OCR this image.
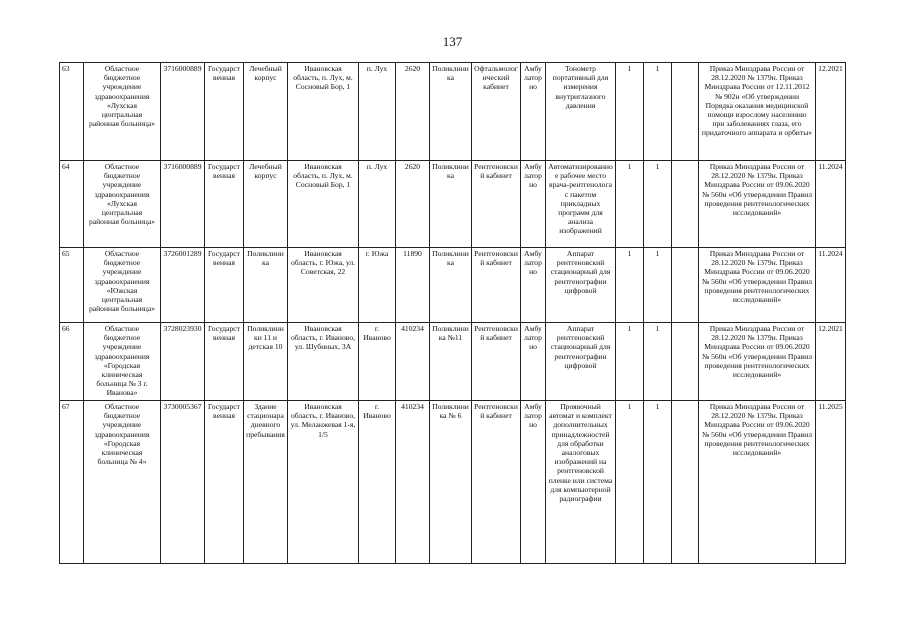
137
63	Областное бюджетное учреждение здравоохранения «Лухская центральная районная больница»	3716000889	Государственная	Лечебный корпус	Ивановская область, п. Лух, м. Сосновый Бор, 1	п. Лух	2620	Поликлиника	Офтальмологический кабинет	Амбулаторно	Тонометр портативный для измерения внутриглазного давления	1	1		Приказ Минздрава России от 28.12.2020 № 1379н. Приказ Минздрава России от 12.11.2012 № 902н «Об утверждении Порядка оказания медицинской помощи взрослому населению при заболеваниях глаза, его придаточного аппарата и орбиты»	12.2021
64	Областное бюджетное учреждение здравоохранения «Лухская центральная районная больница»	3716000889	Государственная	Лечебный корпус	Ивановская область, п. Лух, м. Сосновый Бор, 1	п. Лух	2620	Поликлиника	Рентгеновский кабинет	Амбулаторно	Автоматизированное рабочее место врача-рентгенолога с пакетом прикладных программ для анализа изображений	1	1		Приказ Минздрава России от 28.12.2020 № 1379н. Приказ Минздрава России от 09.06.2020 № 560н «Об утверждении Правил проведения рентгенологических исследований»	11.2024
65	Областное бюджетное учреждение здравоохранения «Южская центральная районная больница»	3726001289	Государственная	Поликлиника	Ивановская область, г. Южа, ул. Советская, 22	г. Южа	11890	Поликлиника	Рентгеновский кабинет	Амбулаторно	Аппарат рентгеновский стационарный для рентгенографии цифровой	1	1		Приказ Минздрава России от 28.12.2020 № 1379н. Приказ Минздрава России от 09.06.2020 № 560н «Об утверждении Правил проведения рентгенологических исследований»	11.2024
66	Областное бюджетное учреждение здравоохранения «Городская клиническая больница № 3 г. Иванова»	3728023930	Государственная	Поликлиники 11 и детская 10	Ивановская область, г. Иваново, ул. Шубиных, 3А	г. Иваново	410234	Поликлиника №11	Рентгеновский кабинет	Амбулаторно	Аппарат рентгеновский стационарный для рентгенографии цифровой	1	1		Приказ Минздрава России от 28.12.2020 № 1379н. Приказ Минздрава России от 09.06.2020 № 560н «Об утверждении Правил проведения рентгенологических исследований»	12.2021
67	Областное бюджетное учреждение здравоохранения «Городская клиническая больница № 4»	3730005367	Государственная	Здание стационара дневного пребывания	Ивановская область, г. Иваново, ул. Меланжевая 1-я, 1/5	г. Иваново	410234	Поликлиника № 6	Рентгеновский кабинет	Амбулаторно	Проявочный автомат и комплект дополнительных принадлежностей для обработки аналоговых изображений на рентгеновской пленке или система для компьютерной радиографии	1	1		Приказ Минздрава России от 28.12.2020 № 1379н. Приказ Минздрава России от 09.06.2020 № 560н «Об утверждении Правил проведения рентгенологических исследований»	11.2025
